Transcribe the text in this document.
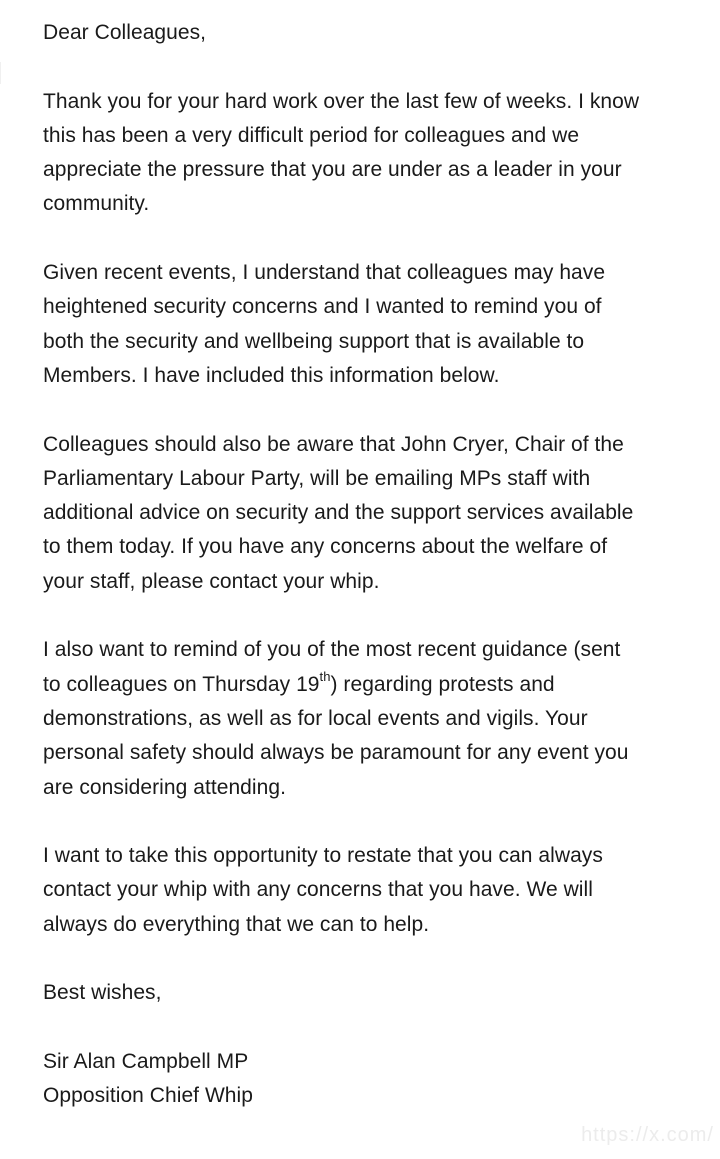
Dear Colleagues,

Thank you for your hard work over the last few of weeks. I know
this has been a very difficult period for colleagues and we
appreciate the pressure that you are under as a leader in your
community.
Given recent events, I understand that colleagues may have
heightened security concerns and I wanted to remind you of
both the security and wellbeing support that is available to
Members. I have included this information below.
Colleagues should also be aware that John Cryer, Chair of the
Parliamentary Labour Party, will be emailing MPs staff with
additional advice on security and the support services available
to them today. If you have any concerns about the welfare of
your staff, please contact your whip.
I also want to remind of you of the most recent guidance (sent
to colleagues on Thursday 19th) regarding protests and
demonstrations, as well as for local events and vigils. Your
personal safety should always be paramount for any event you
are considering attending.
I want to take this opportunity to restate that you can always
contact your whip with any concerns that you have. We will
always do everything that we can to help.

Best wishes,

Sir Alan Campbell MP

Opposition Chief Whip

https://x.com/
